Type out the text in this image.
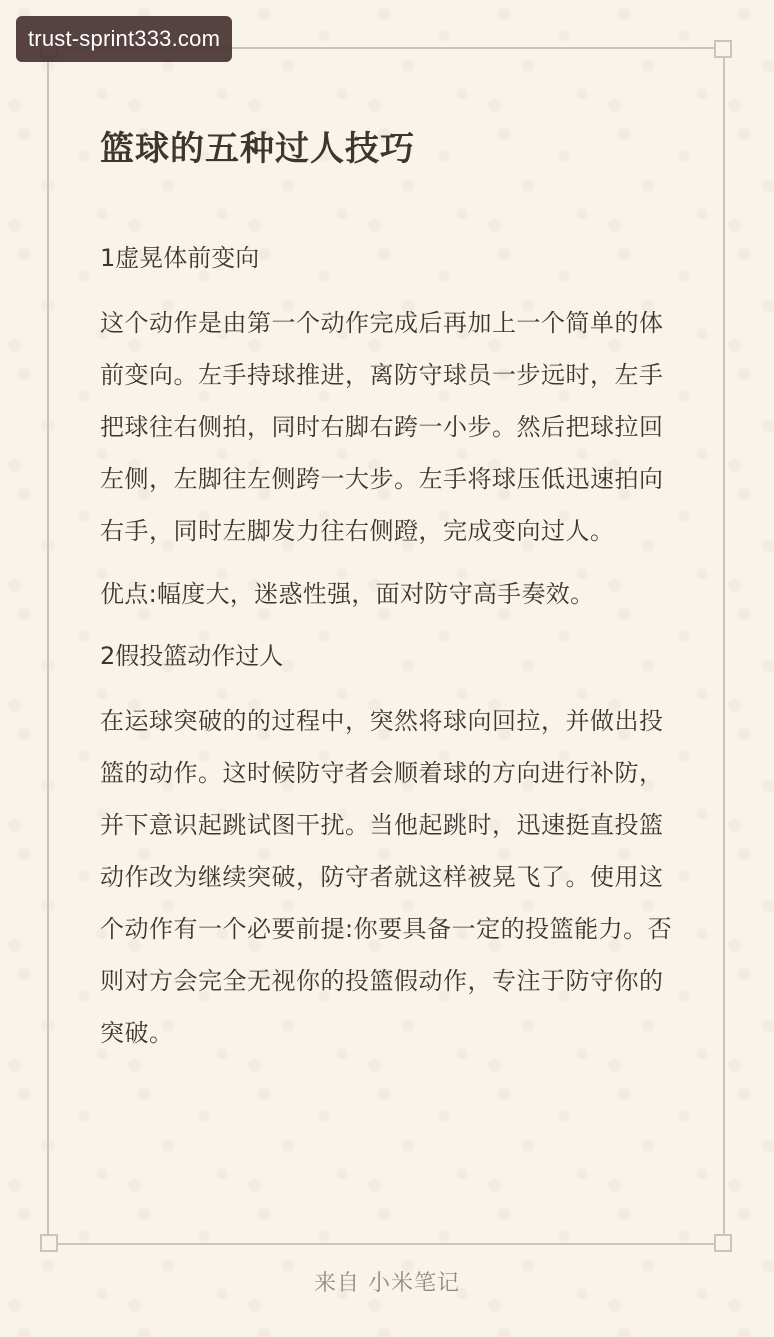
trust-sprint333.com
篮球的五种过人技巧

1虚晃体前变向

这个动作是由第一个动作完成后再加上一个简单的体前变向。左手持球推进，离防守球员一步远时，左手把球往右侧拍，同时右脚右跨一小步。然后把球拉回左侧，左脚往左侧跨一大步。左手将球压低迅速拍向右手，同时左脚发力往右侧蹬，完成变向过人。

优点:幅度大，迷惑性强，面对防守高手奏效。

2假投篮动作过人

在运球突破的的过程中，突然将球向回拉，并做出投篮的动作。这时候防守者会顺着球的方向进行补防，并下意识起跳试图干扰。当他起跳时，迅速挺直投篮动作改为继续突破，防守者就这样被晃飞了。使用这个动作有一个必要前提:你要具备一定的投篮能力。否则对方会完全无视你的投篮假动作，专注于防守你的突破。

来自 小米笔记
